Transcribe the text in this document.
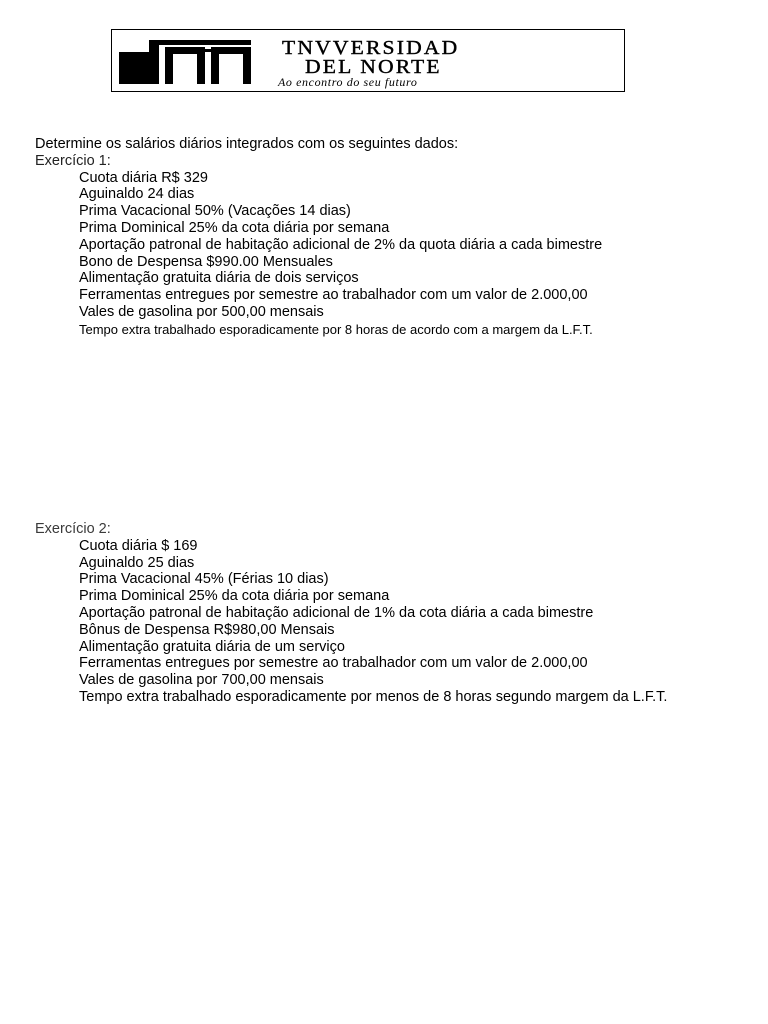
TNVVERSIDAD
DEL NORTE
Ao encontro do seu futuro

Determine os salários diários integrados com os seguintes dados:

Exercício 1:

Cuota diária R$ 329

Aguinaldo 24 dias

Prima Vacacional 50% (Vacações 14 dias)

Prima Dominical 25% da cota diária por semana

Aportação patronal de habitação adicional de 2% da quota diária a cada bimestre

Bono de Despensa $990.00 Mensuales

Alimentação gratuita diária de dois serviços

Ferramentas entregues por semestre ao trabalhador com um valor de 2.000,00

Vales de gasolina por 500,00 mensais

Tempo extra trabalhado esporadicamente por 8 horas de acordo com a margem da L.F.T.

Exercício 2:

Cuota diária $ 169

Aguinaldo 25 dias

Prima Vacacional 45% (Férias 10 dias)

Prima Dominical 25% da cota diária por semana

Aportação patronal de habitação adicional de 1% da cota diária a cada bimestre

Bônus de Despensa R$980,00 Mensais

Alimentação gratuita diária de um serviço

Ferramentas entregues por semestre ao trabalhador com um valor de 2.000,00

Vales de gasolina por 700,00 mensais

Tempo extra trabalhado esporadicamente por menos de 8 horas segundo margem da L.F.T.
